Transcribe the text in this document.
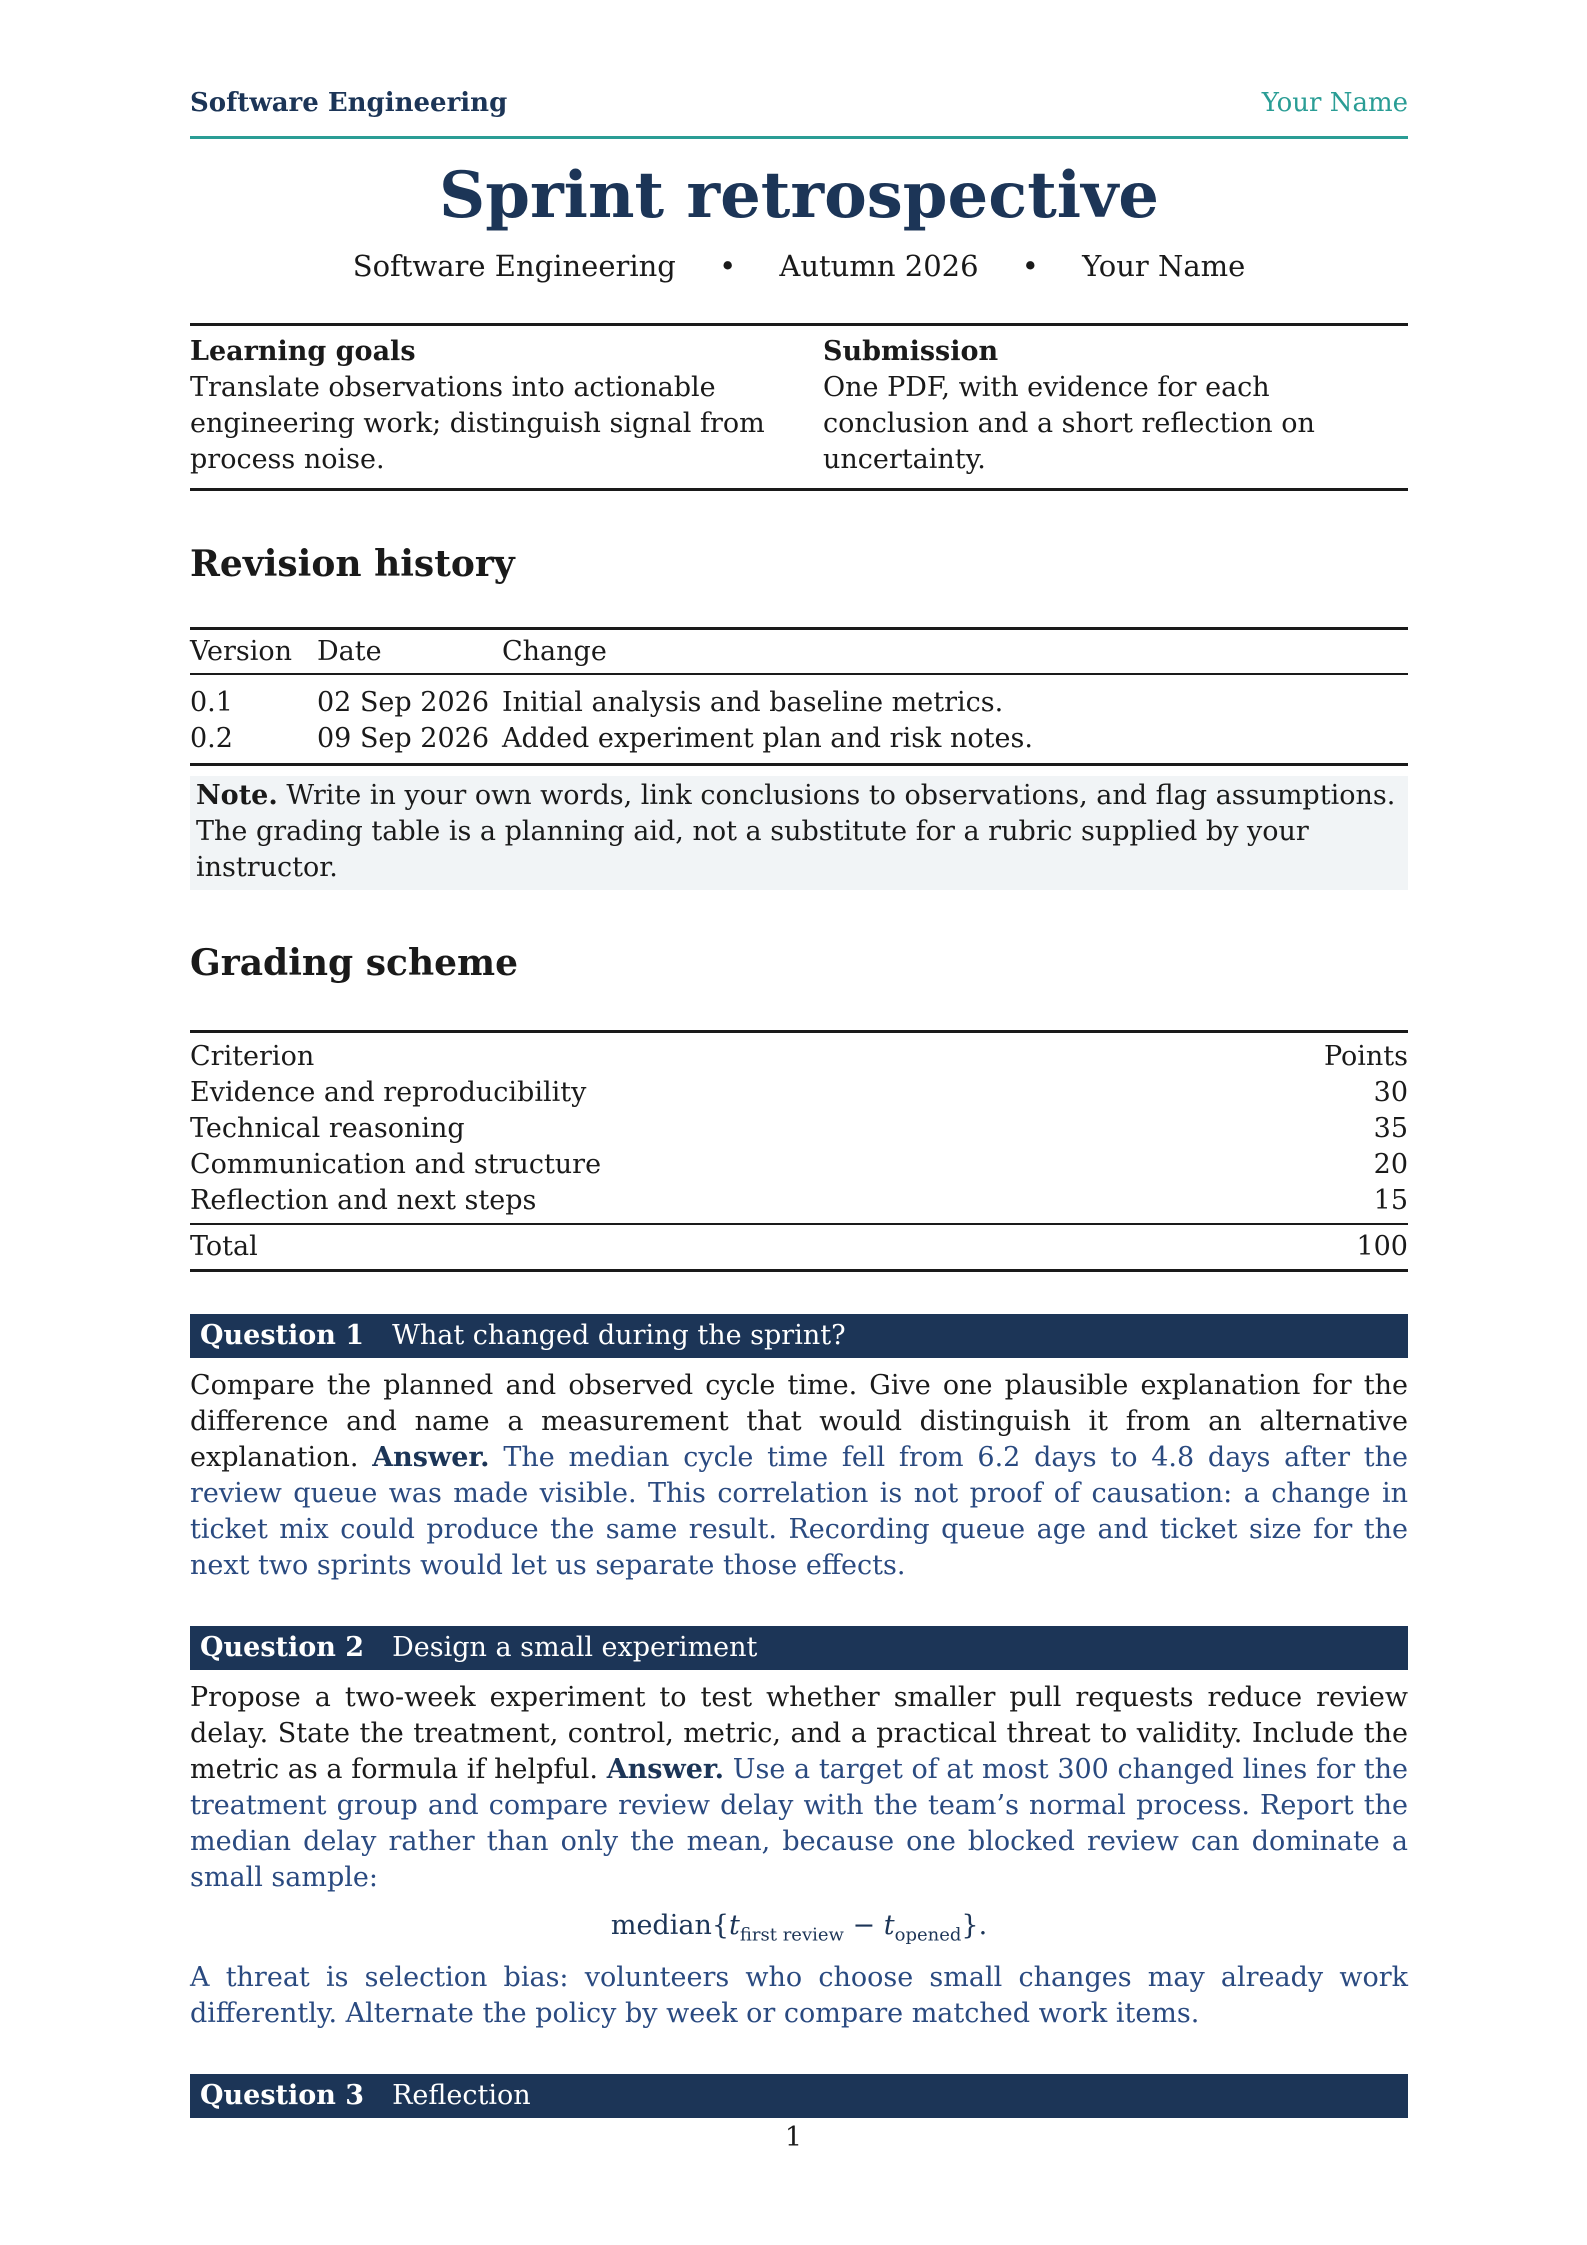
Software Engineering	Your Name
Sprint retrospective
Software Engineering • Autumn 2026 • Your Name
Learning goals
Translate observations into actionable engineering work; distinguish signal from process noise.
Submission
One PDF, with evidence for each conclusion and a short reflection on uncertainty.
Revision history
Version	Date	Change
0.1	02 Sep 2026	Initial analysis and baseline metrics.
0.2	09 Sep 2026	Added experiment plan and risk notes.
Note. Write in your own words, link conclusions to observations, and flag assumptions. The grading table is a planning aid, not a substitute for a rubric supplied by your instructor.
Grading scheme
Criterion	Points
Evidence and reproducibility	30
Technical reasoning	35
Communication and structure	20
Reflection and next steps	15
Total	100
Question 1 What changed during the sprint?
Compare the planned and observed cycle time. Give one plausible explanation for the difference and name a measurement that would distinguish it from an alternative explanation. Answer. The median cycle time fell from 6.2 days to 4.8 days after the review queue was made visible. This correlation is not proof of causation: a change in ticket mix could produce the same result. Recording queue age and ticket size for the next two sprints would let us separate those effects.
Question 2 Design a small experiment
Propose a two-week experiment to test whether smaller pull requests reduce review delay. State the treatment, control, metric, and a practical threat to validity. Include the metric as a formula if helpful. Answer. Use a target of at most 300 changed lines for the treatment group and compare review delay with the team’s normal process. Report the median delay rather than only the mean, because one blocked review can dominate a small sample:
$median\{t_{first review} - t_{opened}\}$.
A threat is selection bias: volunteers who choose small changes may already work differently. Alternate the policy by week or compare matched work items.
Question 3 Reflection
1
